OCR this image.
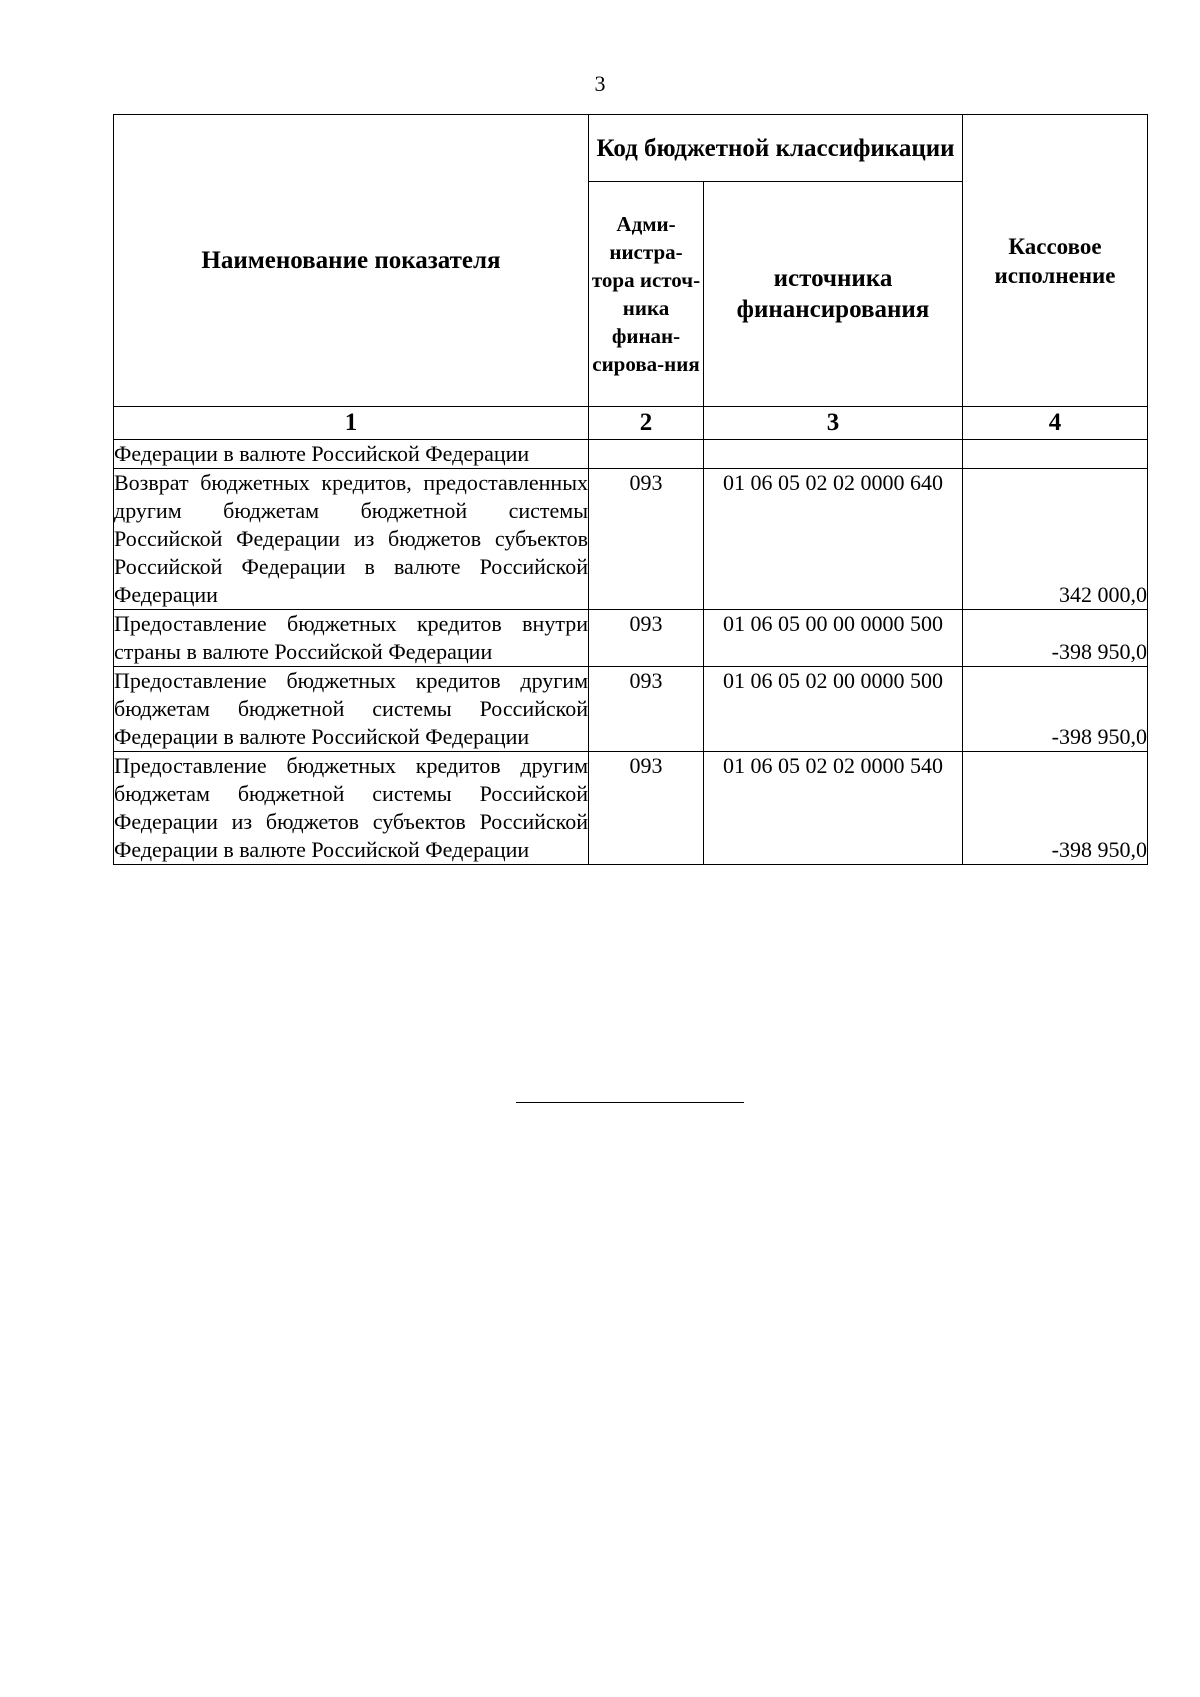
3
Наименование показателя	Код бюджетной классификации		Кассовое исполнение
	Адми-нистра-тора источ-ника финан-сирова-ния	источника финансирования	
1	2	3	4
Федерации в валюте Российской Федерации			
Возврат бюджетных кредитов, предоставленных другим бюджетам бюджетной системы Российской Федерации из бюджетов субъектов Российской Федерации в валюте Российской Федерации	093	01 06 05 02 02 0000 640	342 000,0
Предоставление бюджетных кредитов внутри страны в валюте Российской Федерации	093	01 06 05 00 00 0000 500	-398 950,0
Предоставление бюджетных кредитов другим бюджетам бюджетной системы Российской Федерации в валюте Российской Федерации	093	01 06 05 02 00 0000 500	-398 950,0
Предоставление бюджетных кредитов другим бюджетам бюджетной системы Российской Федерации из бюджетов субъектов Российской Федерации в валюте Российской Федерации	093	01 06 05 02 02 0000 540	-398 950,0
